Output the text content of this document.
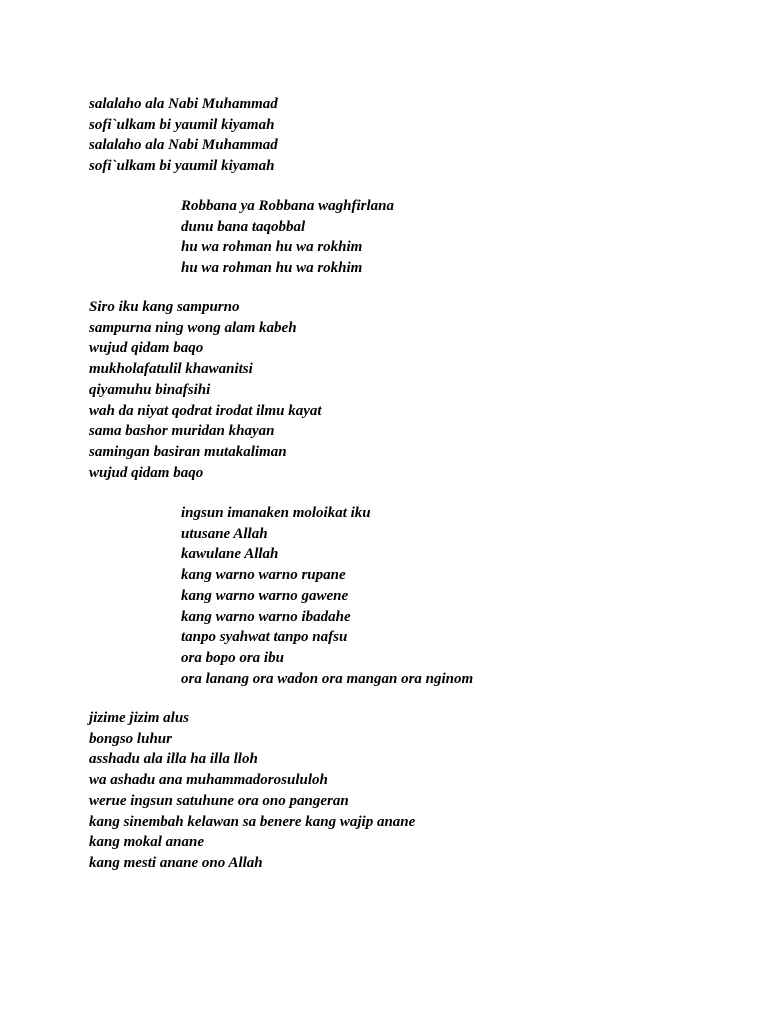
salalaho ala Nabi Muhammad
sofi`ulkam bi yaumil kiyamah
salalaho ala Nabi Muhammad
sofi`ulkam bi yaumil kiyamah
Robbana ya Robbana waghfirlana
dunu bana taqobbal
hu wa rohman hu wa rokhim
hu wa rohman hu wa rokhim
Siro iku kang sampurno
sampurna ning wong alam kabeh
wujud qidam baqo
mukholafatulil khawanitsi
qiyamuhu binafsihi
wah da niyat qodrat irodat ilmu kayat
sama bashor muridan khayan
samingan basiran mutakaliman
wujud qidam baqo
ingsun imanaken moloikat iku
utusane Allah
kawulane Allah
kang warno warno rupane
kang warno warno gawene
kang warno warno ibadahe
tanpo syahwat tanpo nafsu
ora bopo ora ibu
ora lanang ora wadon ora mangan ora nginom
jizime jizim alus
bongso luhur
asshadu ala illa ha illa lloh
wa ashadu ana muhammadorosululoh
werue ingsun satuhune ora ono pangeran
kang sinembah kelawan sa benere kang wajip anane
kang mokal anane
kang mesti anane ono Allah
